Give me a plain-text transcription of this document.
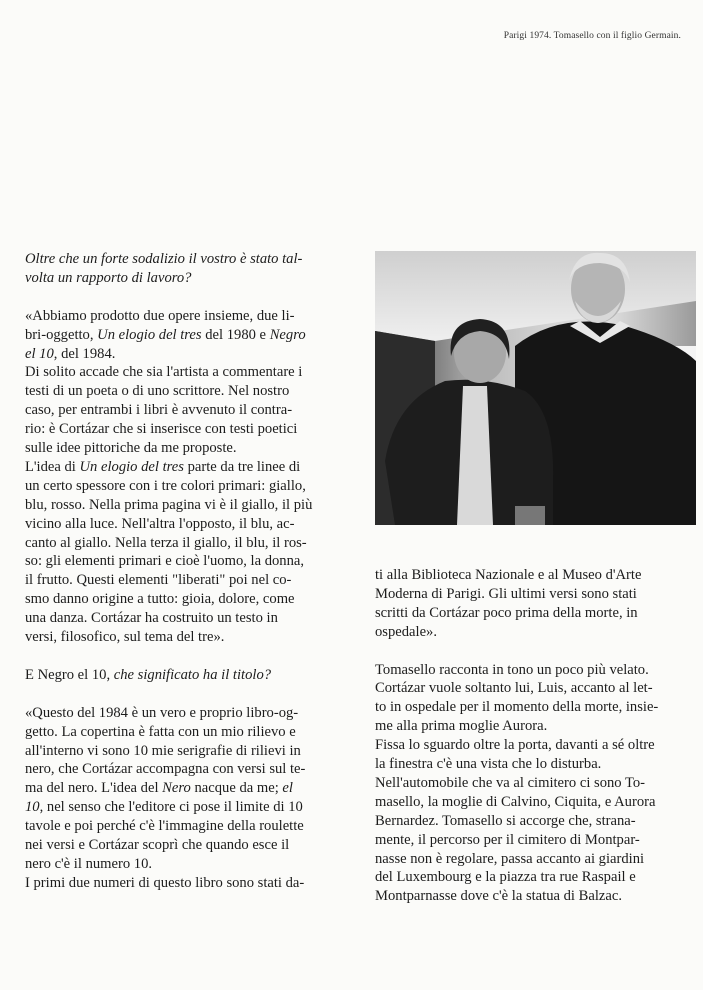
Parigi 1974. Tomasello con il figlio Germain.

Oltre che un forte sodalizio il vostro è stato tal-
volta un rapporto di lavoro?

«Abbiamo prodotto due opere insieme, due li-
bri-oggetto, Un elogio del tres del 1980 e Negro
el 10, del 1984.

Di solito accade che sia l'artista a commentare i
testi di un poeta o di uno scrittore. Nel nostro
caso, per entrambi i libri è avvenuto il contra-
rio: è Cortázar che si inserisce con testi poetici
sulle idee pittoriche da me proposte.

L'idea di Un elogio del tres parte da tre linee di
un certo spessore con i tre colori primari: giallo,
blu, rosso. Nella prima pagina vi è il giallo, il più
vicino alla luce. Nell'altra l'opposto, il blu, ac-
canto al giallo. Nella terza il giallo, il blu, il ros-
so: gli elementi primari e cioè l'uomo, la donna,
il frutto. Questi elementi "liberati" poi nel co-
smo danno origine a tutto: gioia, dolore, come
una danza. Cortázar ha costruito un testo in
versi, filosofico, sul tema del tre».

E Negro el 10, che significato ha il titolo?

«Questo del 1984 è un vero e proprio libro-og-
getto. La copertina è fatta con un mio rilievo e
all'interno vi sono 10 mie serigrafie di rilievi in
nero, che Cortázar accompagna con versi sul te-
ma del nero. L'idea del Nero nacque da me; el
10, nel senso che l'editore ci pose il limite di 10
tavole e poi perché c'è l'immagine della roulette
nei versi e Cortázar scoprì che quando esce il
nero c'è il numero 10.

I primi due numeri di questo libro sono stati da-

ti alla Biblioteca Nazionale e al Museo d'Arte
Moderna di Parigi. Gli ultimi versi sono stati
scritti da Cortázar poco prima della morte, in
ospedale».

Tomasello racconta in tono un poco più velato.
Cortázar vuole soltanto lui, Luis, accanto al let-
to in ospedale per il momento della morte, insie-
me alla prima moglie Aurora.

Fissa lo sguardo oltre la porta, davanti a sé oltre
la finestra c'è una vista che lo disturba.

Nell'automobile che va al cimitero ci sono To-
masello, la moglie di Calvino, Ciquita, e Aurora
Bernardez. Tomasello si accorge che, strana-
mente, il percorso per il cimitero di Montpar-
nasse non è regolare, passa accanto ai giardini
del Luxembourg e la piazza tra rue Raspail e
Montparnasse dove c'è la statua di Balzac.
